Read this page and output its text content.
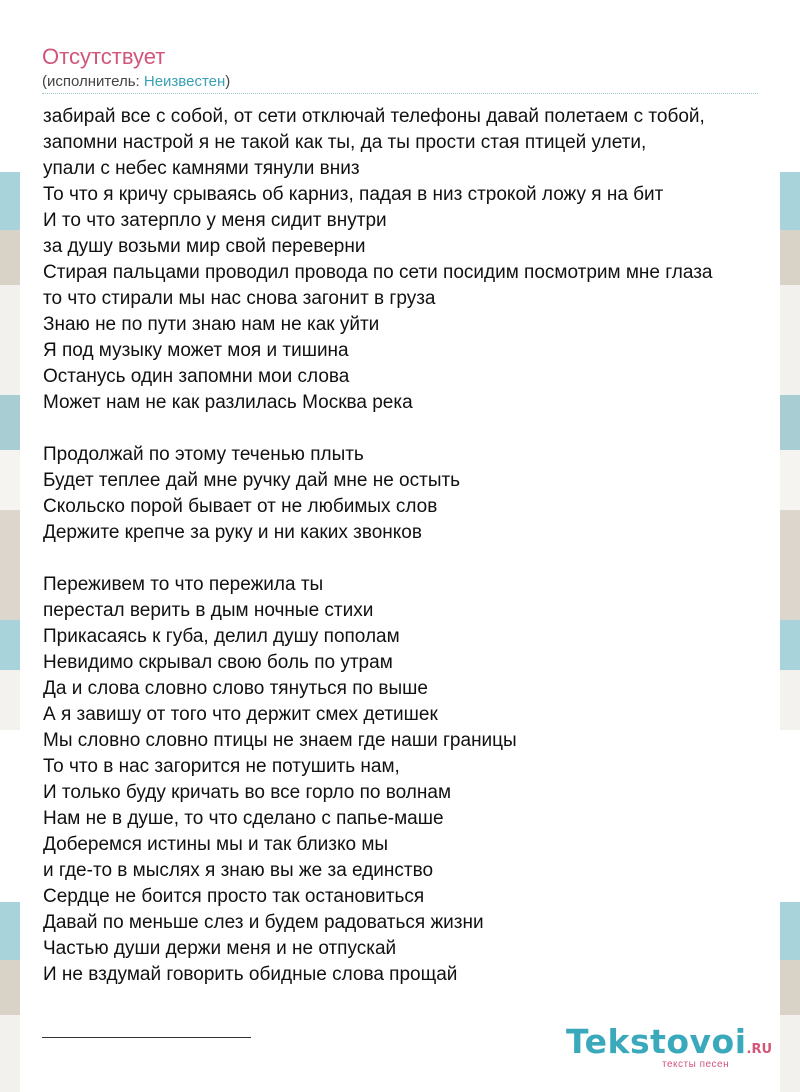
Отсутствует
(исполнитель: Неизвестен)
забирай все с собой, от сети отключай телефоны давай полетаем с тобой,
запомни настрой я не такой как ты, да ты прости стая птицей улети,
упали с небес камнями тянули вниз
То что я кричу срываясь об карниз, падая в низ строкой ложу я на бит
И то что затерпло у меня сидит внутри
за душу возьми мир свой переверни
Стирая пальцами проводил провода по сети посидим посмотрим мне глаза
то что стирали мы нас снова загонит в груза
Знаю не по пути знаю нам не как уйти
Я под музыку может моя и тишина
Останусь один запомни мои слова
Может нам не как разлилась Москва река
Продолжай по этому теченью плыть
Будет теплее дай мне ручку дай мне не остыть
Скольско порой бывает от не любимых слов
Держите крепче за руку и ни каких звонков
Переживем то что пережила ты
перестал верить в дым ночные стихи
Прикасаясь к губа, делил душу пополам
Невидимо скрывал свою боль по утрам
Да и слова словно слово тянуться по выше
А я завишу от того что держит смех детишек
Мы словно словно птицы не знаем где наши границы
То что в нас загорится не потушить нам,
И только буду кричать во все горло по волнам
Нам не в душе, то что сделано с папье-маше
Доберемся истины мы и так близко мы
и где-то в мыслях я знаю вы же за единство
Сердце не боится просто так остановиться
Давай по меньше слез и будем радоваться жизни
Частью души держи меня и не отпускай
И не вздумай говорить обидные слова прощай
Tekstovoi.RU
тексты песен
